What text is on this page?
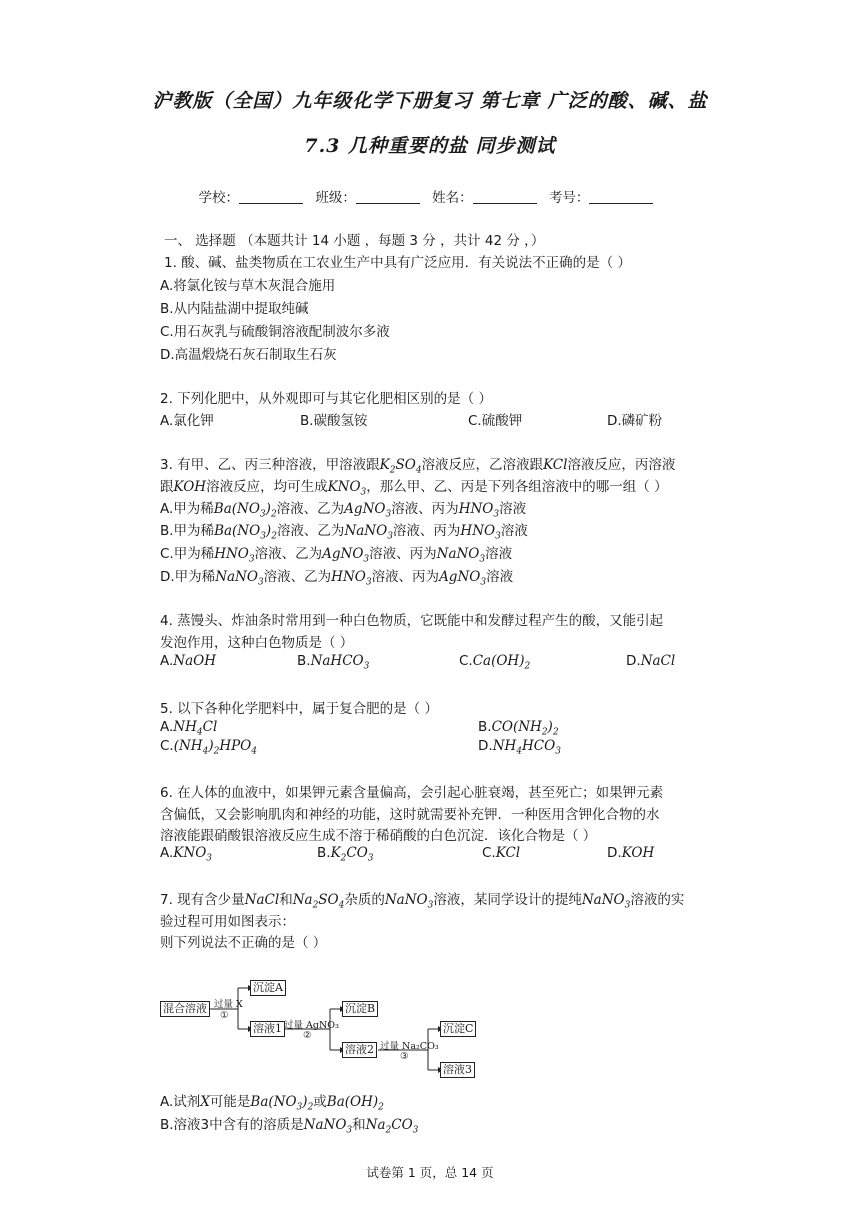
沪教版（全国）九年级化学下册复习 第七章 广泛的酸、碱、盐
7.3 几种重要的盐 同步测试
学校：	班级：	姓名：	考号：
一、 选择题 （本题共计 14 小题 ，每题 3 分 ，共计 42 分 ，）
1. 酸、碱、盐类物质在工农业生产中具有广泛应用．有关说法不正确的是（ ）
A.将氯化铵与草木灰混合施用
B.从内陆盐湖中提取纯碱
C.用石灰乳与硫酸铜溶液配制波尔多液
D.高温煅烧石灰石制取生石灰
2. 下列化肥中，从外观即可与其它化肥相区别的是（ ）
A.氯化钾	B.碳酸氢铵	C.硫酸钾	D.磷矿粉
3. 有甲、乙、丙三种溶液，甲溶液跟$K_2SO_4$溶液反应，乙溶液跟KCl溶液反应，丙溶液
跟KOH溶液反应，均可生成$KNO_3$，那么甲、乙、丙是下列各组溶液中的哪一组（ ）
A.甲为稀$Ba(NO_3)_2$溶液、乙为AgNO$_3$溶液、丙为$HNO_3$溶液
B.甲为稀$Ba(NO_3)_2$溶液、乙为NaNO$_3$溶液、丙为$HNO_3$溶液
C.甲为稀$HNO_3$溶液、乙为AgNO$_3$溶液、丙为NaNO$_3$溶液
D.甲为稀NaNO$_3$溶液、乙为$HNO_3$溶液、丙为AgNO$_3$溶液
4. 蒸馒头、炸油条时常用到一种白色物质，它既能中和发酵过程产生的酸，又能引起
发泡作用，这种白色物质是（ ）
A.NaOH	B.NaHCO$_3$	$C.Ca(OH)_2$	D.NaCl
5. 以下各种化学肥料中，属于复合肥的是（ ）
$A.NH_4Cl$	$B.CO(NH_2)_2$
$C.(NH_4)_2HPO_4$	$D.NH_4HCO_3$
6. 在人体的血液中，如果钾元素含量偏高，会引起心脏衰竭，甚至死亡；如果钾元素
含偏低，又会影响肌肉和神经的功能，这时就需要补充钾．一种医用含钾化合物的水
溶液能跟硝酸银溶液反应生成不溶于稀硝酸的白色沉淀．该化合物是（ ）
$A.KNO_3$	$B.K_2CO_3$	C.KCl	D.KOH
7. 现有含少量NaCl和$Na_2SO_4$杂质的NaNO$_3$溶液，某同学设计的提纯NaNO$_3$溶液的实
验过程可用如图表示：
则下列说法不正确的是（ ）
混合溶液 过量 X
①
沉淀A
溶液1 过量 AgNO₃
②
沉淀B
溶液2 过量 Na₂CO₃
③
沉淀C
溶液3
A.试剂X可能是$Ba(NO_3)_2$或$Ba(OH)_2$
B.溶液3中含有的溶质是NaNO$_3$和$Na_2CO_3$
试卷第 1 页，总 14 页
